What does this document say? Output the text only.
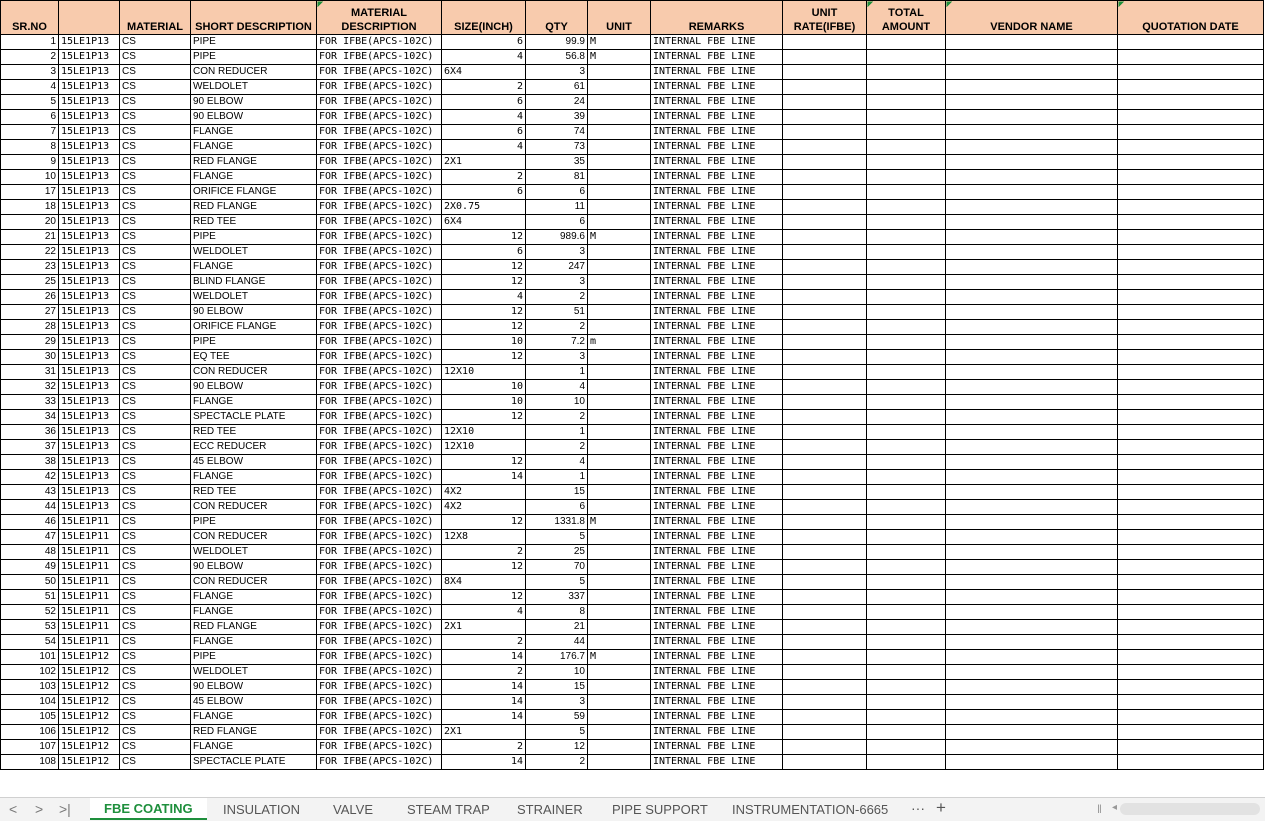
SR.NO		MATERIAL	SHORT DESCRIPTION	MATERIAL DESCRIPTION	SIZE(INCH)	QTY	UNIT	REMARKS	UNIT RATE(IFBE)	TOTAL AMOUNT	VENDOR NAME	QUOTATION DATE
1	15LE1P13	CS	PIPE	FOR IFBE(APCS-102C)	6	99.9	M	INTERNAL FBE LINE				
2	15LE1P13	CS	PIPE	FOR IFBE(APCS-102C)	4	56.8	M	INTERNAL FBE LINE				
3	15LE1P13	CS	CON REDUCER	FOR IFBE(APCS-102C)	6X4	3		INTERNAL FBE LINE				
4	15LE1P13	CS	WELDOLET	FOR IFBE(APCS-102C)	2	61		INTERNAL FBE LINE				
5	15LE1P13	CS	90 ELBOW	FOR IFBE(APCS-102C)	6	24		INTERNAL FBE LINE				
6	15LE1P13	CS	90 ELBOW	FOR IFBE(APCS-102C)	4	39		INTERNAL FBE LINE				
7	15LE1P13	CS	FLANGE	FOR IFBE(APCS-102C)	6	74		INTERNAL FBE LINE				
8	15LE1P13	CS	FLANGE	FOR IFBE(APCS-102C)	4	73		INTERNAL FBE LINE				
9	15LE1P13	CS	RED FLANGE	FOR IFBE(APCS-102C)	2X1	35		INTERNAL FBE LINE				
10	15LE1P13	CS	FLANGE	FOR IFBE(APCS-102C)	2	81		INTERNAL FBE LINE				
17	15LE1P13	CS	ORIFICE FLANGE	FOR IFBE(APCS-102C)	6	6		INTERNAL FBE LINE				
18	15LE1P13	CS	RED FLANGE	FOR IFBE(APCS-102C)	2X0.75	11		INTERNAL FBE LINE				
20	15LE1P13	CS	RED TEE	FOR IFBE(APCS-102C)	6X4	6		INTERNAL FBE LINE				
21	15LE1P13	CS	PIPE	FOR IFBE(APCS-102C)	12	989.6	M	INTERNAL FBE LINE				
22	15LE1P13	CS	WELDOLET	FOR IFBE(APCS-102C)	6	3		INTERNAL FBE LINE				
23	15LE1P13	CS	FLANGE	FOR IFBE(APCS-102C)	12	247		INTERNAL FBE LINE				
25	15LE1P13	CS	BLIND FLANGE	FOR IFBE(APCS-102C)	12	3		INTERNAL FBE LINE				
26	15LE1P13	CS	WELDOLET	FOR IFBE(APCS-102C)	4	2		INTERNAL FBE LINE				
27	15LE1P13	CS	90 ELBOW	FOR IFBE(APCS-102C)	12	51		INTERNAL FBE LINE				
28	15LE1P13	CS	ORIFICE FLANGE	FOR IFBE(APCS-102C)	12	2		INTERNAL FBE LINE				
29	15LE1P13	CS	PIPE	FOR IFBE(APCS-102C)	10	7.2	m	INTERNAL FBE LINE				
30	15LE1P13	CS	EQ TEE	FOR IFBE(APCS-102C)	12	3		INTERNAL FBE LINE				
31	15LE1P13	CS	CON REDUCER	FOR IFBE(APCS-102C)	12X10	1		INTERNAL FBE LINE				
32	15LE1P13	CS	90 ELBOW	FOR IFBE(APCS-102C)	10	4		INTERNAL FBE LINE				
33	15LE1P13	CS	FLANGE	FOR IFBE(APCS-102C)	10	10		INTERNAL FBE LINE				
34	15LE1P13	CS	SPECTACLE PLATE	FOR IFBE(APCS-102C)	12	2		INTERNAL FBE LINE				
36	15LE1P13	CS	RED TEE	FOR IFBE(APCS-102C)	12X10	1		INTERNAL FBE LINE				
37	15LE1P13	CS	ECC REDUCER	FOR IFBE(APCS-102C)	12X10	2		INTERNAL FBE LINE				
38	15LE1P13	CS	45 ELBOW	FOR IFBE(APCS-102C)	12	4		INTERNAL FBE LINE				
42	15LE1P13	CS	FLANGE	FOR IFBE(APCS-102C)	14	1		INTERNAL FBE LINE				
43	15LE1P13	CS	RED TEE	FOR IFBE(APCS-102C)	4X2	15		INTERNAL FBE LINE				
44	15LE1P13	CS	CON REDUCER	FOR IFBE(APCS-102C)	4X2	6		INTERNAL FBE LINE				
46	15LE1P11	CS	PIPE	FOR IFBE(APCS-102C)	12	1331.8	M	INTERNAL FBE LINE				
47	15LE1P11	CS	CON REDUCER	FOR IFBE(APCS-102C)	12X8	5		INTERNAL FBE LINE				
48	15LE1P11	CS	WELDOLET	FOR IFBE(APCS-102C)	2	25		INTERNAL FBE LINE				
49	15LE1P11	CS	90 ELBOW	FOR IFBE(APCS-102C)	12	70		INTERNAL FBE LINE				
50	15LE1P11	CS	CON REDUCER	FOR IFBE(APCS-102C)	8X4	5		INTERNAL FBE LINE				
51	15LE1P11	CS	FLANGE	FOR IFBE(APCS-102C)	12	337		INTERNAL FBE LINE				
52	15LE1P11	CS	FLANGE	FOR IFBE(APCS-102C)	4	8		INTERNAL FBE LINE				
53	15LE1P11	CS	RED FLANGE	FOR IFBE(APCS-102C)	2X1	21		INTERNAL FBE LINE				
54	15LE1P11	CS	FLANGE	FOR IFBE(APCS-102C)	2	44		INTERNAL FBE LINE				
101	15LE1P12	CS	PIPE	FOR IFBE(APCS-102C)	14	176.7	M	INTERNAL FBE LINE				
102	15LE1P12	CS	WELDOLET	FOR IFBE(APCS-102C)	2	10		INTERNAL FBE LINE				
103	15LE1P12	CS	90 ELBOW	FOR IFBE(APCS-102C)	14	15		INTERNAL FBE LINE				
104	15LE1P12	CS	45 ELBOW	FOR IFBE(APCS-102C)	14	3		INTERNAL FBE LINE				
105	15LE1P12	CS	FLANGE	FOR IFBE(APCS-102C)	14	59		INTERNAL FBE LINE				
106	15LE1P12	CS	RED FLANGE	FOR IFBE(APCS-102C)	2X1	5		INTERNAL FBE LINE				
107	15LE1P12	CS	FLANGE	FOR IFBE(APCS-102C)	2	12		INTERNAL FBE LINE				
108	15LE1P12	CS	SPECTACLE PLATE	FOR IFBE(APCS-102C)	14	2		INTERNAL FBE LINE				
< > >|	FBE COATING	INSULATION	VALVE	STEAM TRAP STRAINER PIPE SUPPORT INSTRUMENTATION-6665 ··· +	‖ ◂
